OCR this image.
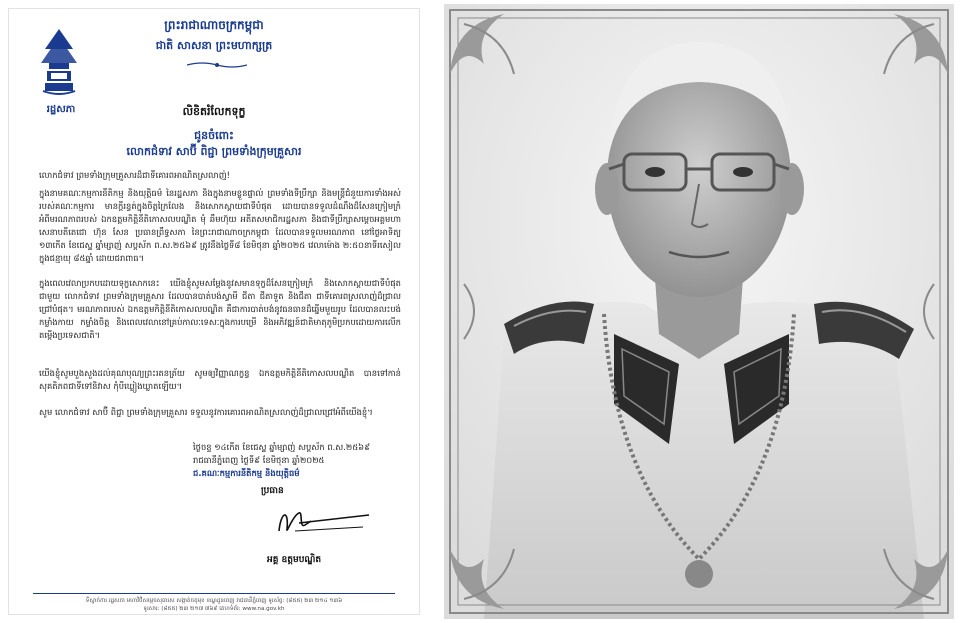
រដ្ឋសភា
ព្រះរាជាណាចក្រកម្ពុជា
ជាតិ សាសនា ព្រះមហាក្សត្រ
លិខិតរំលែកទុក្ខ
ជូនចំពោះ
លោកជំទាវ សាប៊ី ពិជ្ជា ព្រមទាំងក្រុមគ្រួសារ
លោកជំទាវ ព្រមទាំងក្រុមគ្រួសារដ៏ជាទីគោរពអាណិតស្រលាញ់!
ក្នុងនាមគណៈកម្មការនីតិកម្ម និងយុត្តិធម៌ នៃរដ្ឋសភា និងក្នុងនាមខ្លួនផ្ទាល់ ព្រមទាំងទីប្រឹក្សា និងមន្ត្រីជំនួយការទាំងអស់របស់គណៈកម្មការ មានក្ដីរន្ធត់ក្នុងចិត្តក្រៃលែង និងសោកស្ដាយជាទីបំផុត ដោយបានទទួលដំណឹងដ៏សែនក្រៀមក្រំអំពីមរណភាពរបស់ ឯកឧត្តមកិត្តិនីតិកោសលបណ្ឌិត មុំ ឆឹមហ៊ុយ អតីតសមាជិករដ្ឋសភា និងជាទីប្រឹក្សាសម្ដេចអគ្គមហាសេនាបតីតេជោ ហ៊ុន សែន ប្រធានព្រឹទ្ធសភា នៃព្រះរាជាណាចក្រកម្ពុជា ដែលបានទទួលមរណភាព នៅថ្ងៃអាទិត្យ ១៣កើត ខែជេស្ឋ ឆ្នាំម្សាញ់ សប្តស័ក ព.ស.២៥៦៩ ត្រូវនឹងថ្ងៃទី៨ ខែមិថុនា ឆ្នាំ២០២៥ វេលាម៉ោង ២:៥០នាទីរសៀលក្នុងជន្មាយុ ៨៥ឆ្នាំ ដោយជរាពាធ។
ក្នុងពេលវេលាប្រកបដោយទុក្ខសោកនេះ យើងខ្ញុំសូមសម្តែងនូវសមានទុក្ខដ៏សែនក្រៀមក្រំ និងសោកស្តាយជាទីបំផុតជាមួយ លោកជំទាវ ព្រមទាំងក្រុមគ្រួសារ ដែលបានបាត់បង់ស្វាមី ជីតា ជីតាទួត និងជីតា ជាទីគោរពស្រលាញ់ដ៏ជ្រាលជ្រៅបំផុត។ មរណភាពរបស់ ឯកឧត្តមកិត្តិនីតិកោសលបណ្ឌិត គឺជាការបាត់បង់នូវធនធានដ៏ឆ្នើមមួយរូប ដែលបានលះបង់កម្លាំងកាយ កម្លាំងចិត្ត និងពេលវេលានៅគ្រប់កាលៈទេសៈក្នុងការបម្រើ និងអភិវឌ្ឍន៍ជាតិមាតុភូមិប្រកបដោយការលើកតម្កើងប្រទេសជាតិ។
យើងខ្ញុំសូមបួងសួងដល់គុណបុណ្យព្រះរតនត្រ័យ សូមឲ្យវិញ្ញាណក្ខន្ធ ឯកឧត្តមកិត្តិនីតិកោសលបណ្ឌិត បានទៅកាន់សុគតិភពជាទីទៅនិវាស កុំបីឃ្លៀងឃ្លាតឡើយ។
សូម លោកជំទាវ សាប៊ី ពិជ្ជា ព្រមទាំងក្រុមគ្រួសារ ទទួលនូវការគោរពអាណិតស្រលាញ់ដ៏ជ្រាលជ្រៅអំពីយើងខ្ញុំ។
ថ្ងៃចន្ទ ១៤កើត ខែជេស្ឋ ឆ្នាំម្សាញ់ សប្តស័ក ព.ស.២៥៦៩
រាជធានីភ្នំពេញ ថ្ងៃទី៩ ខែមិថុនា ឆ្នាំ២០២៥
ជ.គណៈកម្មការនីតិកម្ម និងយុត្តិធម៌
ប្រធាន
អគ្គ ឧត្តមបណ្ឌិត
ទីស្នាក់ការ រដ្ឋសភា មហាវិថីសម្ដេចសុធារស សង្កាត់ចតុមុខ ខណ្ឌដូនពេញ រាជធានីភ្នំពេញ ទូរស័ព្ទ: (៨៥៥) ២៣ ២១៤ ១៣៦
ទូរសារ: (៨៥៥) ២៣ ២១៧ ៧៦៩ គេហទំព័រ: www.na.gov.kh
